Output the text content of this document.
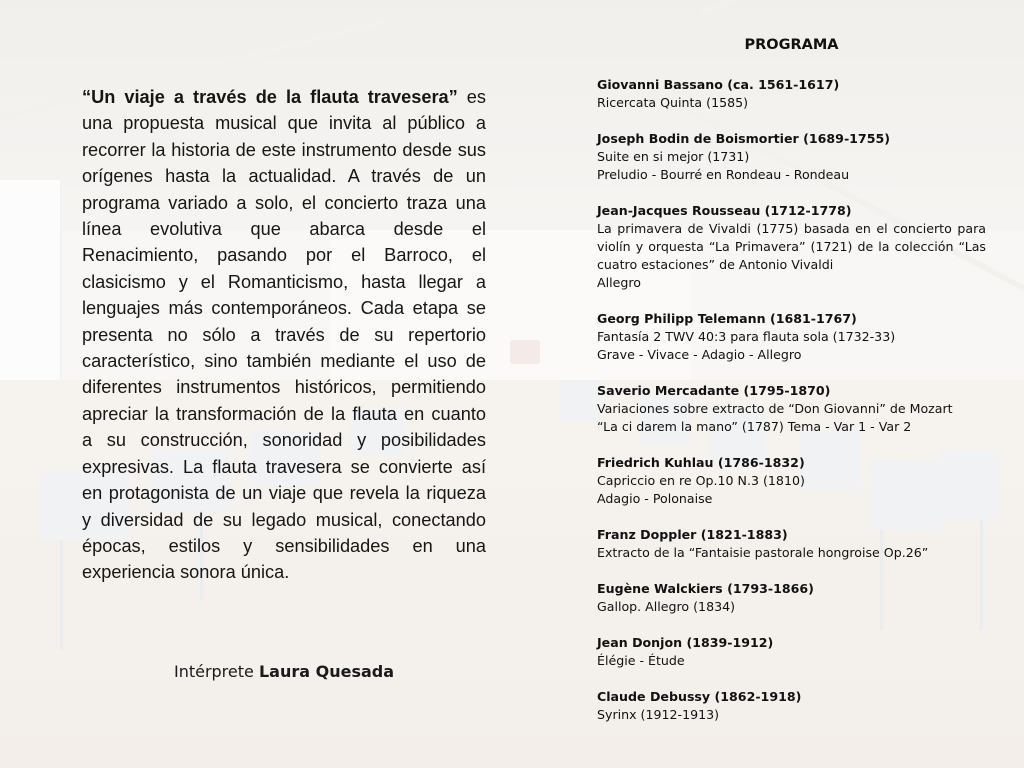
“Un viaje a través de la flauta travesera” es una propuesta musical que invita al público a recorrer la historia de este instrumento desde sus orígenes hasta la actualidad. A través de un programa variado a solo, el concierto traza una línea evolutiva que abarca desde el Renacimiento, pasando por el Barroco, el clasicismo y el Romanticismo, hasta llegar a lenguajes más contemporáneos. Cada etapa se presenta no sólo a través de su repertorio característico, sino también mediante el uso de diferentes instrumentos históricos, permitiendo apreciar la transformación de la flauta en cuanto a su construcción, sonoridad y posibilidades expresivas. La flauta travesera se convierte así en protagonista de un viaje que revela la riqueza y diversidad de su legado musical, conectando épocas, estilos y sensibilidades en una experiencia sonora única.
Intérprete Laura Quesada
PROGRAMA
Giovanni Bassano (ca. 1561-1617)
Ricercata Quinta (1585)
Joseph Bodin de Boismortier (1689-1755)
Suite en si mejor (1731)
Preludio - Bourré en Rondeau - Rondeau
Jean-Jacques Rousseau (1712-1778)
La primavera de Vivaldi (1775) basada en el concierto para violín y orquesta “La Primavera” (1721) de la colección “Las cuatro estaciones” de Antonio Vivaldi
Allegro
Georg Philipp Telemann (1681-1767)
Fantasía 2 TWV 40:3 para flauta sola (1732-33)
Grave - Vivace - Adagio - Allegro
Saverio Mercadante (1795-1870)
Variaciones sobre extracto de “Don Giovanni” de Mozart
“La ci darem la mano” (1787) Tema - Var 1 - Var 2
Friedrich Kuhlau (1786-1832)
Capriccio en re Op.10 N.3 (1810)
Adagio - Polonaise
Franz Doppler (1821-1883)
Extracto de la “Fantaisie pastorale hongroise Op.26”
Eugène Walckiers (1793-1866)
Gallop. Allegro (1834)
Jean Donjon (1839-1912)
Élégie - Étude
Claude Debussy (1862-1918)
Syrinx (1912-1913)
